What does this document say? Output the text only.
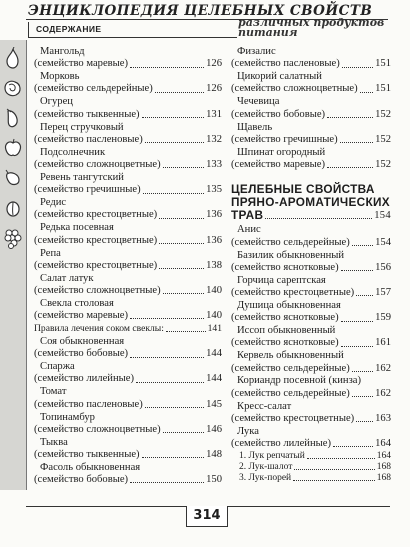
ЭНЦИКЛОПЕДИЯ ЦЕЛЕБНЫХ СВОЙСТВ
СОДЕРЖАНИЕ	различных продуктов питания
Мангольд
(семейство маревые)	126
Морковь
(семейство сельдерейные)	126
Огурец
(семейство тыквенные)	131
Перец стручковый
(семейство пасленовые)	132
Подсолнечник
(семейство сложноцветные)	133
Ревень тангутский
(семейство гречишные)	135
Редис
(семейство крестоцветные)	136
Редька посевная
(семейство крестоцветные)	136
Репа
(семейство крестоцветные)	138
Салат латук
(семейство сложноцветные)	140
Свекла столовая
(семейство маревые)	140
Правила лечения соком свеклы:	141
Соя обыкновенная
(семейство бобовые)	144
Спаржа
(семейство лилейные)	144
Томат
(семейство пасленовые)	145
Топинамбур
(семейство сложноцветные)	146
Тыква
(семейство тыквенные)	148
Фасоль обыкновенная
(семейство бобовые)	150
Физалис
(семейство пасленовые)	151
Цикорий салатный
(семейство сложноцветные) 151
Чечевица
(семейство бобовые)	152
Щавель
(семейство гречишные)	152
Шпинат огородный
(семейство маревые)	152
ЦЕЛЕБНЫЕ СВОЙСТВА
ПРЯНО-АРОМАТИЧЕСКИХ
ТРАВ	154
Анис
(семейство сельдерейные) 154
Базилик обыкновенный
(семейство яснотковые)	156
Горчица сарептская
(семейство крестоцветные) 157
Душица обыкновенная
(семейство яснотковые)	159
Иссоп обыкновенный
(семейство яснотковые)	161
Кервель обыкновенный
(семейство сельдерейные) 162
Кориандр посевной (кинза)
(семейство сельдерейные) 162
Кресс-салат
(семейство крестоцветные) 163
Лука
(семейство лилейные)	164
1. Лук репчатый	164
2. Лук-шалот	168
3. Лук-порей	168
314
